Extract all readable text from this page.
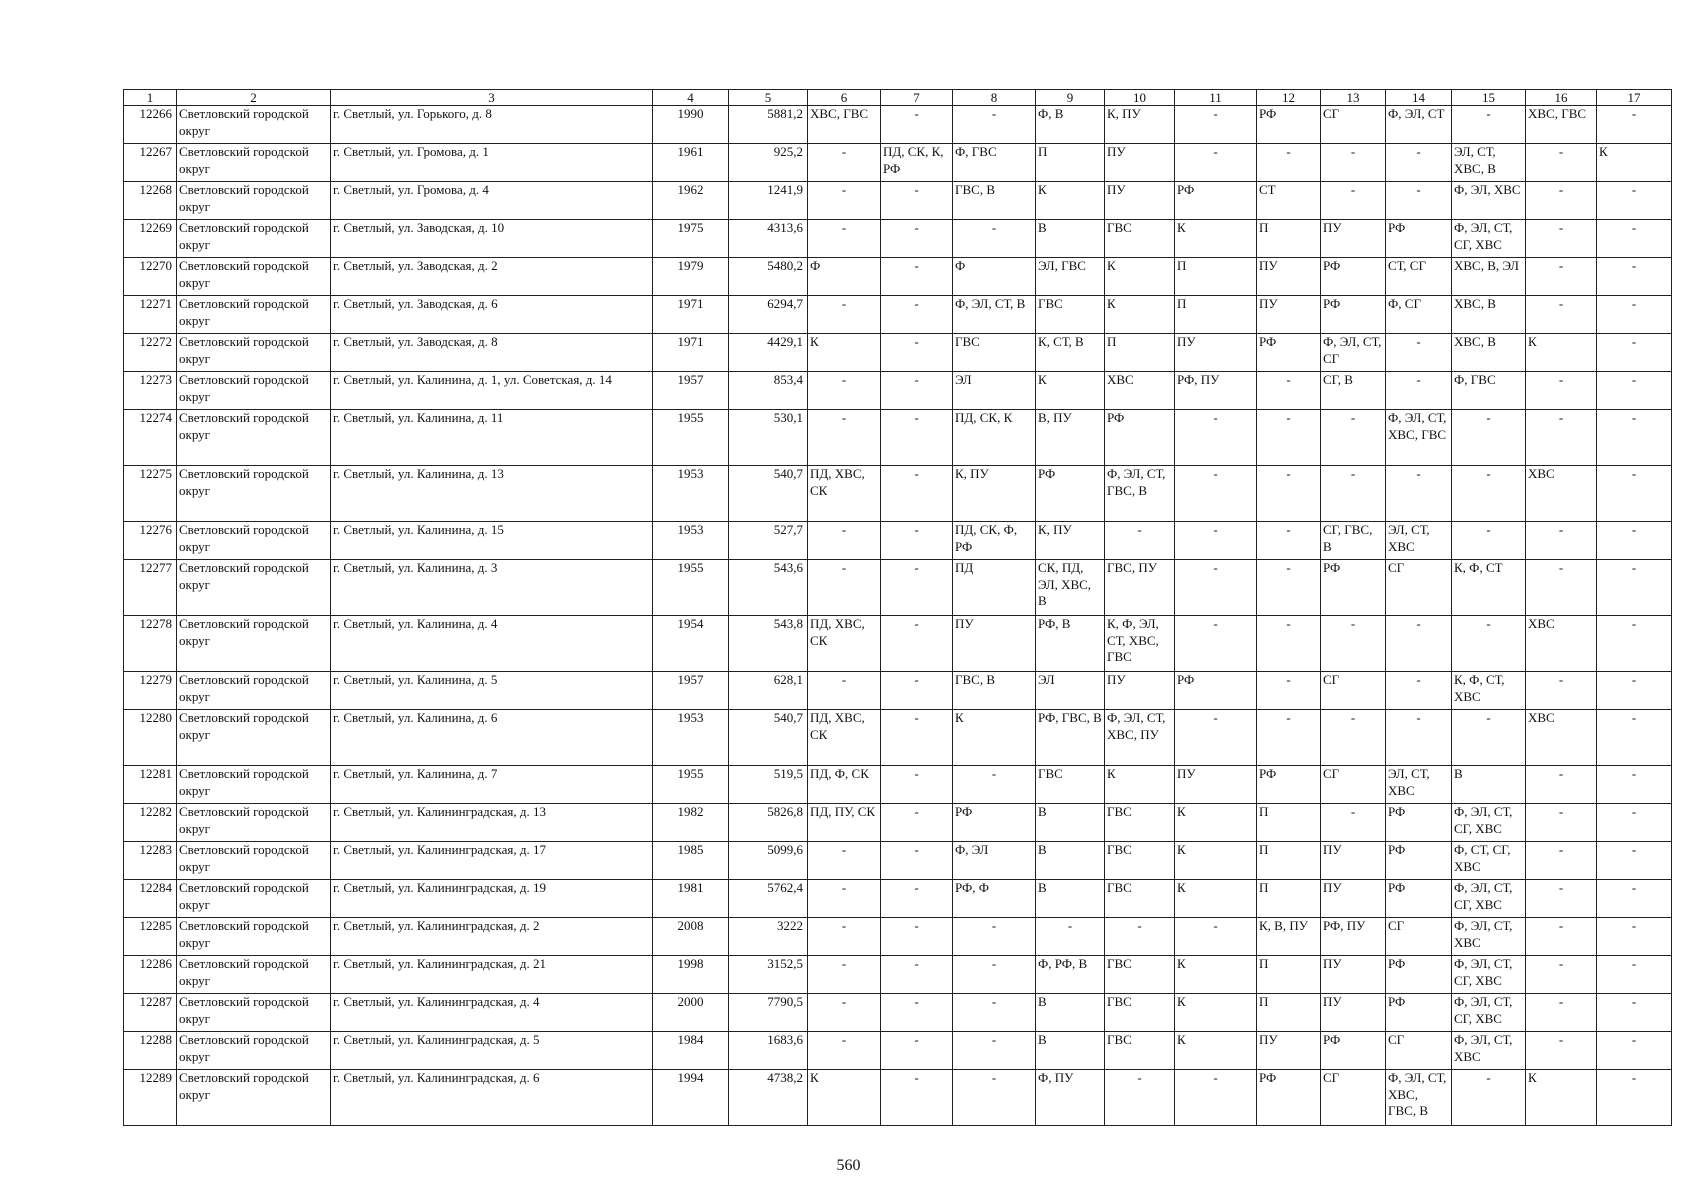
1	2	3	4	5	6	7	8	9	10	11	12	13	14	15	16	17
12266	Светловский городской округ	г. Светлый, ул. Горького, д. 8	1990	5881,2	ХВС, ГВС	-	-	Ф, В	К, ПУ	-	РФ	СГ	Ф, ЭЛ, СТ	-	ХВС, ГВС	-
12267	Светловский городской округ	г. Светлый, ул. Громова, д. 1	1961	925,2	-	ПД, СК, К, РФ	Ф, ГВС	П	ПУ	-	-	-	-	ЭЛ, СТ, ХВС, В	-	К
12268	Светловский городской округ	г. Светлый, ул. Громова, д. 4	1962	1241,9	-	-	ГВС, В	К	ПУ	РФ	СТ	-	-	Ф, ЭЛ, ХВС	-	-
12269	Светловский городской округ	г. Светлый, ул. Заводская, д. 10	1975	4313,6	-	-	-	В	ГВС	К	П	ПУ	РФ	Ф, ЭЛ, СТ, СГ, ХВС	-	-
12270	Светловский городской округ	г. Светлый, ул. Заводская, д. 2	1979	5480,2	Ф	-	Ф	ЭЛ, ГВС	К	П	ПУ	РФ	СТ, СГ	ХВС, В, ЭЛ	-	-
12271	Светловский городской округ	г. Светлый, ул. Заводская, д. 6	1971	6294,7	-	-	Ф, ЭЛ, СТ, В	ГВС	К	П	ПУ	РФ	Ф, СГ	ХВС, В	-	-
12272	Светловский городской округ	г. Светлый, ул. Заводская, д. 8	1971	4429,1	К	-	ГВС	К, СТ, В	П	ПУ	РФ	Ф, ЭЛ, СТ, СГ	-	ХВС, В	К	-
12273	Светловский городской округ	г. Светлый, ул. Калинина, д. 1, ул. Советская, д. 14	1957	853,4	-	-	ЭЛ	К	ХВС	РФ, ПУ	-	СГ, В	-	Ф, ГВС	-	-
12274	Светловский городской округ	г. Светлый, ул. Калинина, д. 11	1955	530,1	-	-	ПД, СК, К	В, ПУ	РФ	-	-	-	Ф, ЭЛ, СТ, ХВС, ГВС	-	-	-
12275	Светловский городской округ	г. Светлый, ул. Калинина, д. 13	1953	540,7	ПД, ХВС, СК	-	К, ПУ	РФ	Ф, ЭЛ, СТ, ГВС, В	-	-	-	-	-	ХВС	-
12276	Светловский городской округ	г. Светлый, ул. Калинина, д. 15	1953	527,7	-	-	ПД, СК, Ф, РФ	К, ПУ	-	-	-	СГ, ГВС, В	ЭЛ, СТ, ХВС	-	-	-
12277	Светловский городской округ	г. Светлый, ул. Калинина, д. 3	1955	543,6	-	-	ПД	СК, ПД, ЭЛ, ХВС, В	ГВС, ПУ	-	-	РФ	СГ	К, Ф, СТ	-	-
12278	Светловский городской округ	г. Светлый, ул. Калинина, д. 4	1954	543,8	ПД, ХВС, СК	-	ПУ	РФ, В	К, Ф, ЭЛ, СТ, ХВС, ГВС	-	-	-	-	-	ХВС	-
12279	Светловский городской округ	г. Светлый, ул. Калинина, д. 5	1957	628,1	-	-	ГВС, В	ЭЛ	ПУ	РФ	-	СГ	-	К, Ф, СТ, ХВС	-	-
12280	Светловский городской округ	г. Светлый, ул. Калинина, д. 6	1953	540,7	ПД, ХВС, СК	-	К	РФ, ГВС, В	Ф, ЭЛ, СТ, ХВС, ПУ	-	-	-	-	-	ХВС	-
12281	Светловский городской округ	г. Светлый, ул. Калинина, д. 7	1955	519,5	ПД, Ф, СК	-	-	ГВС	К	ПУ	РФ	СГ	ЭЛ, СТ, ХВС	В	-	-
12282	Светловский городской округ	г. Светлый, ул. Калининградская, д. 13	1982	5826,8	ПД, ПУ, СК	-	РФ	В	ГВС	К	П	-	РФ	Ф, ЭЛ, СТ, СГ, ХВС	-	-
12283	Светловский городской округ	г. Светлый, ул. Калининградская, д. 17	1985	5099,6	-	-	Ф, ЭЛ	В	ГВС	К	П	ПУ	РФ	Ф, СТ, СГ, ХВС	-	-
12284	Светловский городской округ	г. Светлый, ул. Калининградская, д. 19	1981	5762,4	-	-	РФ, Ф	В	ГВС	К	П	ПУ	РФ	Ф, ЭЛ, СТ, СГ, ХВС	-	-
12285	Светловский городской округ	г. Светлый, ул. Калининградская, д. 2	2008	3222	-	-	-	-	-	-	К, В, ПУ	РФ, ПУ	СГ	Ф, ЭЛ, СТ, ХВС	-	-
12286	Светловский городской округ	г. Светлый, ул. Калининградская, д. 21	1998	3152,5	-	-	-	Ф, РФ, В	ГВС	К	П	ПУ	РФ	Ф, ЭЛ, СТ, СГ, ХВС	-	-
12287	Светловский городской округ	г. Светлый, ул. Калининградская, д. 4	2000	7790,5	-	-	-	В	ГВС	К	П	ПУ	РФ	Ф, ЭЛ, СТ, СГ, ХВС	-	-
12288	Светловский городской округ	г. Светлый, ул. Калининградская, д. 5	1984	1683,6	-	-	-	В	ГВС	К	ПУ	РФ	СГ	Ф, ЭЛ, СТ, ХВС	-	-
12289	Светловский городской округ	г. Светлый, ул. Калининградская, д. 6	1994	4738,2	К	-	-	Ф, ПУ	-	-	РФ	СГ	Ф, ЭЛ, СТ, ХВС, ГВС, В	-	К	-
560
